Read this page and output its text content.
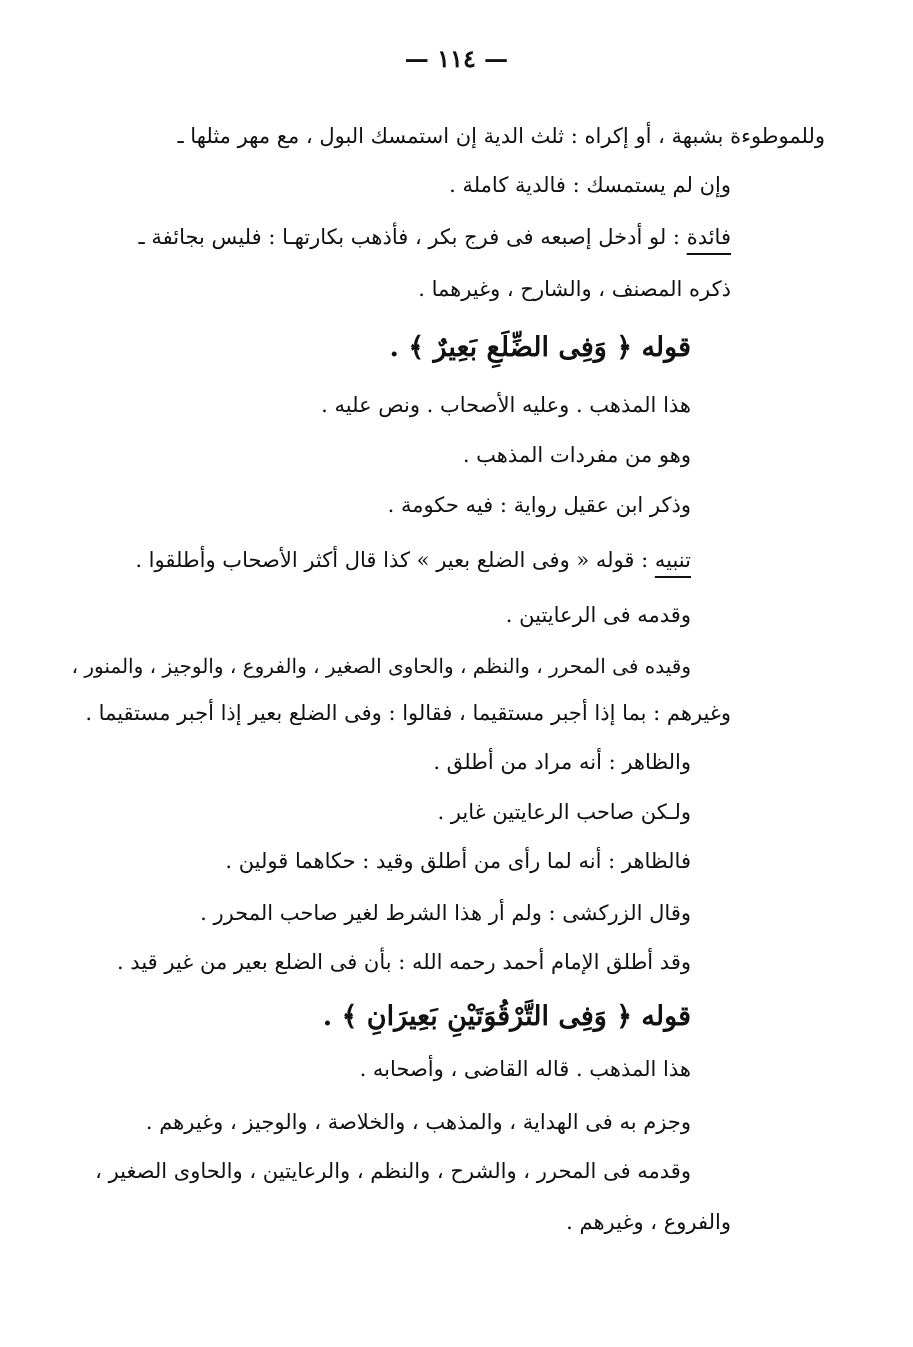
— ١١٤ —
وللموطوءة بشبهة ، أو إكراه : ثلث الدية إن استمسك البول ، مع مهر مثلها ـ
وإن لم يستمسك : فالدية كاملة .
فائدة : لو أدخل إصبعه فى فرج بكر ، فأذهب بكارتهـا : فليس بجائفة ـ
ذكره المصنف ، والشارح ، وغيرهما .
قوله ﴿ وَفِى الضِّلَعِ بَعِيرٌ ﴾ .
هذا المذهب . وعليه الأصحاب . ونص عليه .
وهو من مفردات المذهب .
وذكر ابن عقيل رواية : فيه حكومة .
تنبيه : قوله « وفى الضلع بعير » كذا قال أكثر الأصحاب وأطلقوا .
وقدمه فى الرعايتين .
وقيده فى المحرر ، والنظم ، والحاوى الصغير ، والفروع ، والوجيز ، والمنور ،
وغيرهم : بما إذا أجبر مستقيما ، فقالوا : وفى الضلع بعير إذا أجبر مستقيما .
والظاهر : أنه مراد من أطلق .
ولـكن صاحب الرعايتين غاير .
فالظاهر : أنه لما رأى من أطلق وقيد : حكاهما قولين .
وقال الزركشى : ولم أر هذا الشرط لغير صاحب المحرر .
وقد أطلق الإمام أحمد رحمه الله : بأن فى الضلع بعير من غير قيد .
قوله ﴿ وَفِى التَّرْقُوَتَيْنِ بَعِيرَانِ ﴾ .
هذا المذهب . قاله القاضى ، وأصحابه .
وجزم به فى الهداية ، والمذهب ، والخلاصة ، والوجيز ، وغيرهم .
وقدمه فى المحرر ، والشرح ، والنظم ، والرعايتين ، والحاوى الصغير ،
والفروع ، وغيرهم .
